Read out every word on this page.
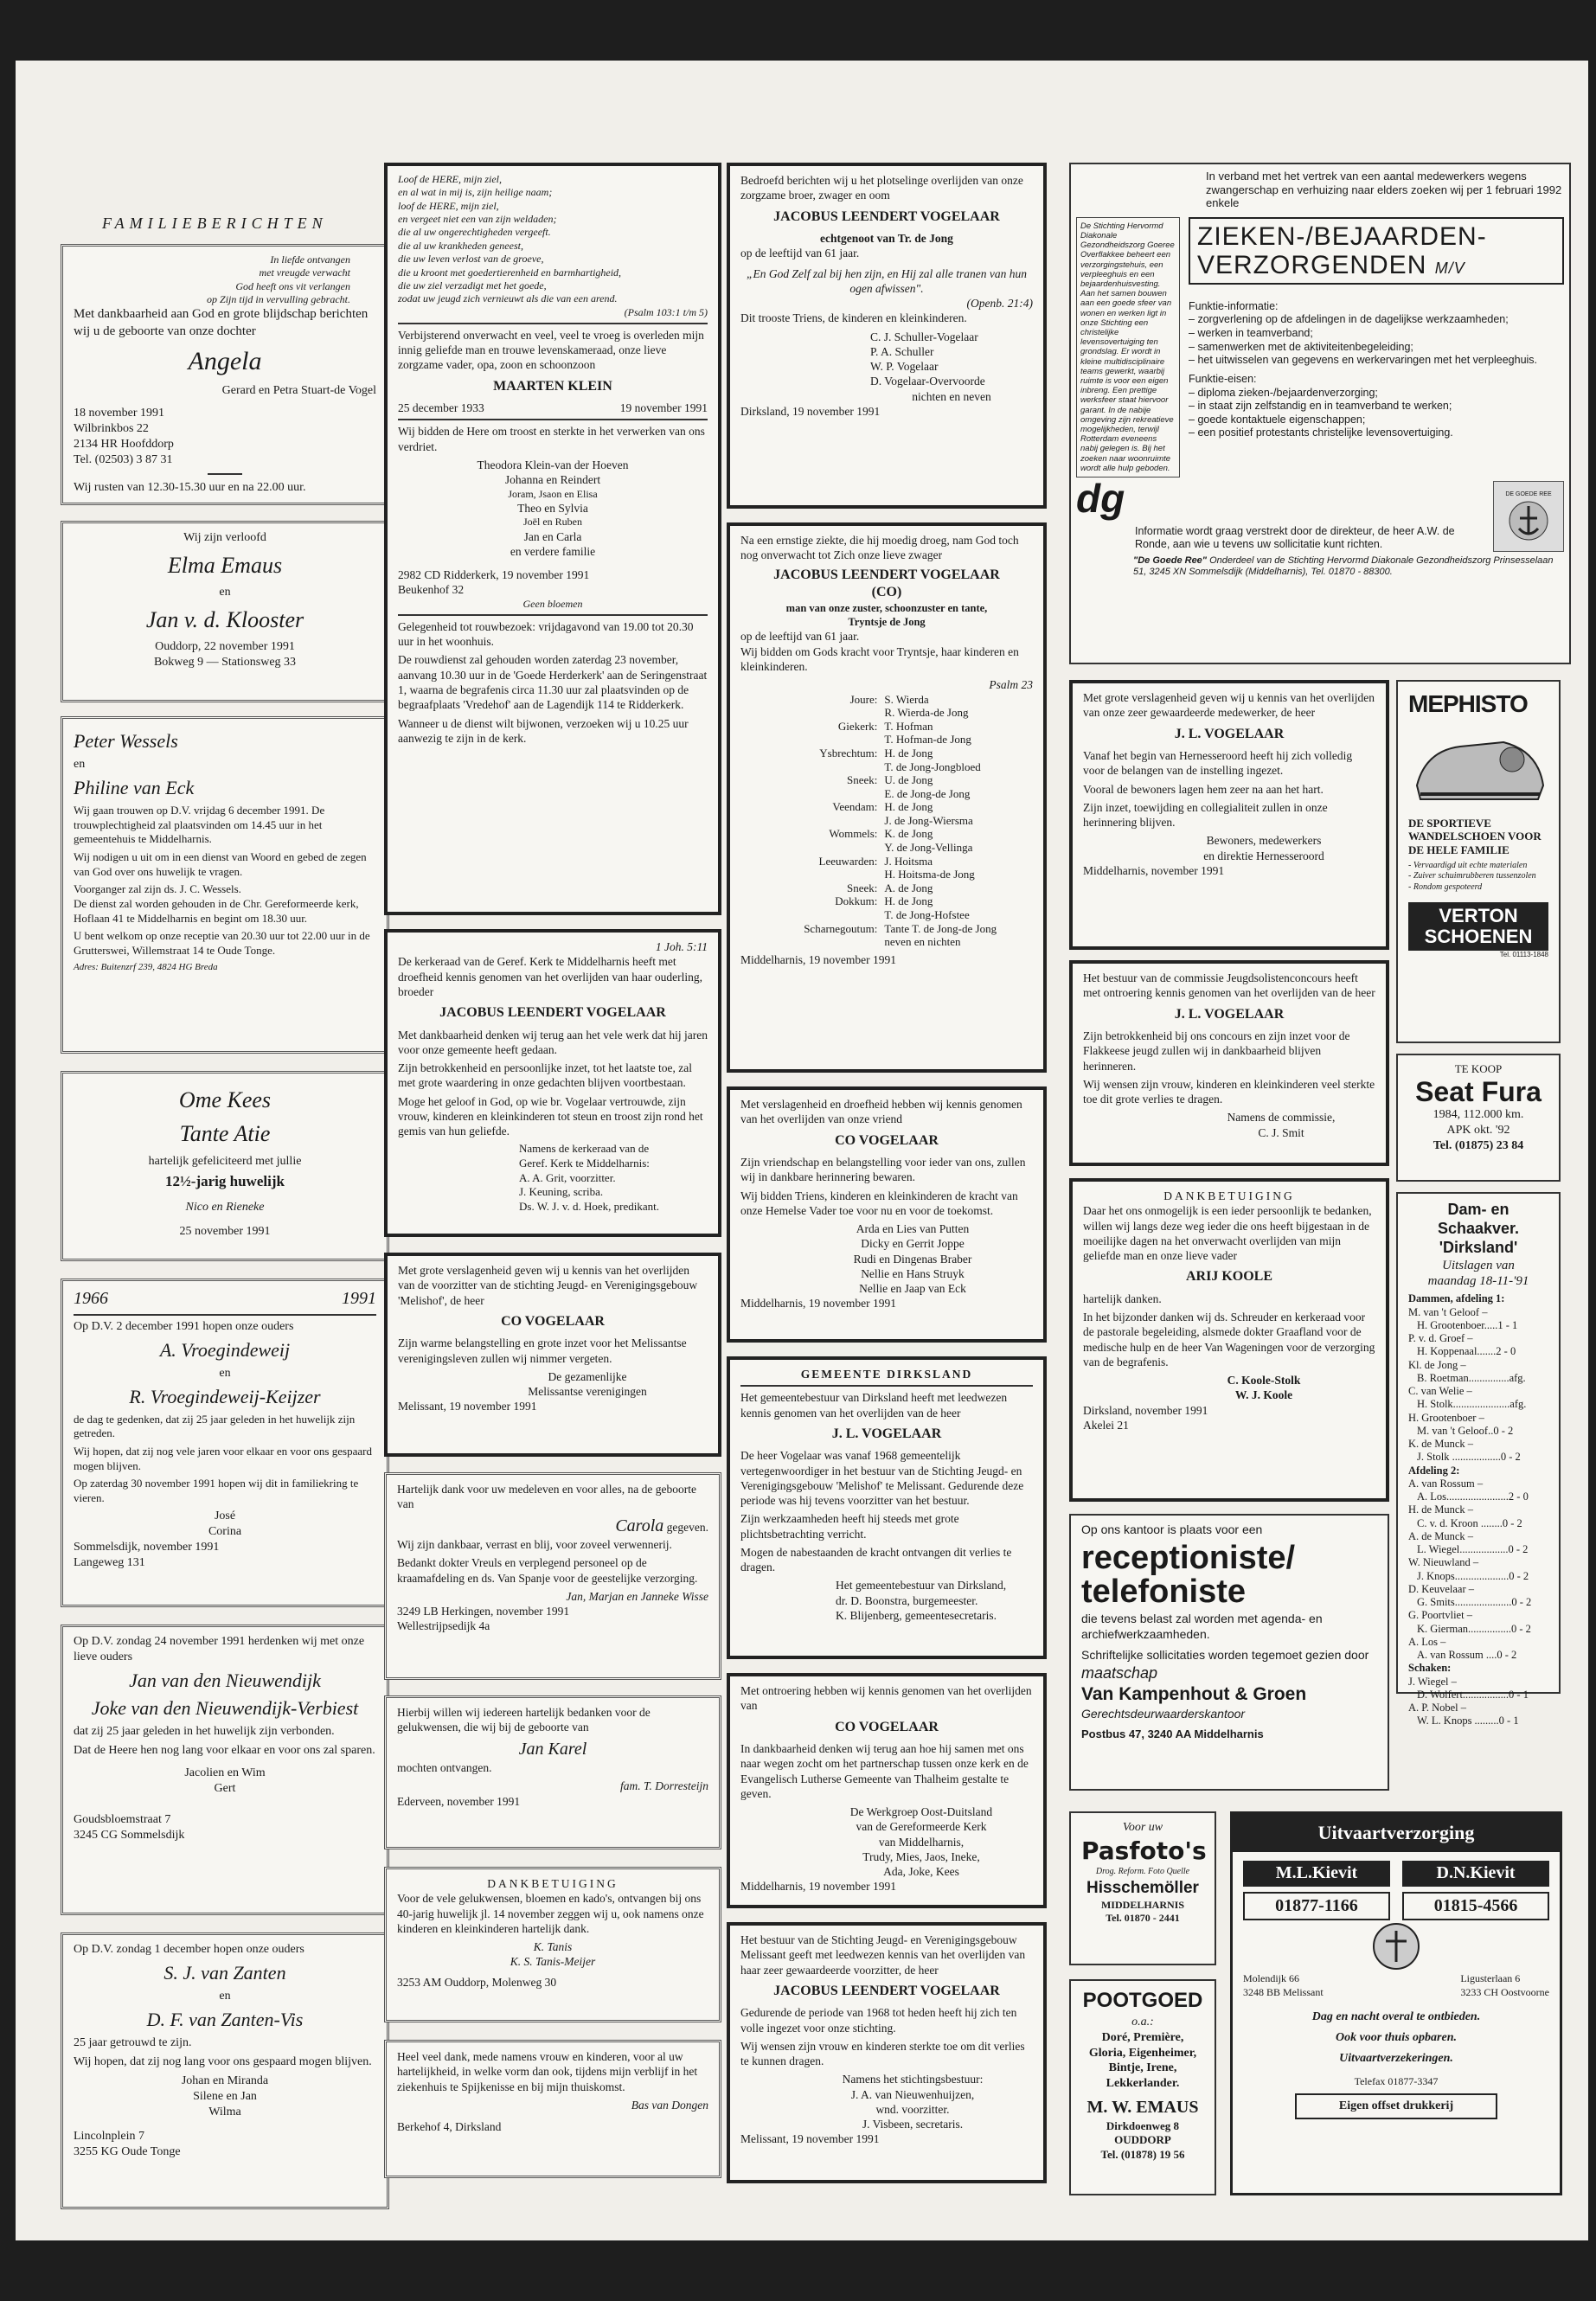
FAMILIEBERICHTEN
In liefde ontvangen
met vreugde verwacht
God heeft ons vit verlangen
op Zijn tijd in vervulling gebracht.
Met dankbaarheid aan God en grote blijdschap berichten wij u de geboorte van onze dochter
Angela
Gerard en Petra Stuart-de Vogel
18 november 1991
Wilbrinkbos 22
2134 HR Hoofddorp
Tel. (02503) 3 87 31
Wij rusten van 12.30-15.30 uur en na 22.00 uur.
Wij zijn verloofd
Elma Emaus
en
Jan v. d. Klooster
Ouddorp, 22 november 1991
Bokweg 9 — Stationsweg 33
Peter Wessels
en
Philine van Eck
Wij gaan trouwen op D.V. vrijdag 6 december 1991. De trouwplechtigheid zal plaatsvinden om 14.45 uur in het gemeentehuis te Middelharnis.
Wij nodigen u uit om in een dienst van Woord en gebed de zegen van God over ons huwelijk te vragen.
Voorganger zal zijn ds. J. C. Wessels.
De dienst zal worden gehouden in de Chr. Gereformeerde kerk, Hoflaan 41 te Middelharnis en begint om 18.30 uur.
U bent welkom op onze receptie van 20.30 uur tot 22.00 uur in de Grutterswei, Willemstraat 14 te Oude Tonge.
Adres: Buitenzrf 239, 4824 HG Breda
Ome Kees
Tante Atie
hartelijk gefeliciteerd met jullie
12½-jarig huwelijk
Nico en Rieneke
25 november 1991
1966	1991
Op D.V. 2 december 1991 hopen onze ouders
A. Vroegindeweij
en
R. Vroegindeweij-Keijzer
de dag te gedenken, dat zij 25 jaar geleden in het huwelijk zijn getreden.
Wij hopen, dat zij nog vele jaren voor elkaar en voor ons gespaard mogen blijven.
Op zaterdag 30 november 1991 hopen wij dit in familiekring te vieren.
José
Corina
Sommelsdijk, november 1991
Langeweg 131
Op D.V. zondag 24 november 1991 herdenken wij met onze lieve ouders
Jan van den Nieuwendijk
Joke van den Nieuwendijk-Verbiest
dat zij 25 jaar geleden in het huwelijk zijn verbonden.
Dat de Heere hen nog lang voor elkaar en voor ons zal sparen.
Jacolien en Wim
Gert
Goudsbloemstraat 7
3245 CG Sommelsdijk
Op D.V. zondag 1 december hopen onze ouders
S. J. van Zanten
en
D. F. van Zanten-Vis
25 jaar getrouwd te zijn.
Wij hopen, dat zij nog lang voor ons gespaard mogen blijven.
Johan en Miranda
Silene en Jan
Wilma
Lincolnplein 7
3255 KG Oude Tonge
Loof de HERE, mijn ziel,
en al wat in mij is, zijn heilige naam;
loof de HERE, mijn ziel,
en vergeet niet een van zijn weldaden;
die al uw ongerechtigheden vergeeft.
die al uw krankheden geneest,
die uw leven verlost van de groeve,
die u kroont met goedertierenheid en barmhartigheid,
die uw ziel verzadigt met het goede,
zodat uw jeugd zich vernieuwt als die van een arend.
(Psalm 103:1 t/m 5)
Verbijsterend onverwacht en veel, veel te vroeg is overleden mijn innig geliefde man en trouwe levenskameraad, onze lieve zorgzame vader, opa, zoon en schoonzoon
MAARTEN KLEIN
25 december 1933	19 november 1991
Wij bidden de Here om troost en sterkte in het verwerken van ons verdriet.
Theodora Klein-van der Hoeven
Johanna en Reindert
Joram, Jsaon en Elisa
Theo en Sylvia
Joël en Ruben
Jan en Carla
en verdere familie
2982 CD Ridderkerk, 19 november 1991
Beukenhof 32
Geen bloemen
Gelegenheid tot rouwbezoek: vrijdagavond van 19.00 tot 20.30 uur in het woonhuis.
De rouwdienst zal gehouden worden zaterdag 23 november, aanvang 10.30 uur in de 'Goede Herderkerk' aan de Seringenstraat 1, waarna de begrafenis circa 11.30 uur zal plaatsvinden op de begraafplaats 'Vredehof' aan de Lagendijk 114 te Ridderkerk.
Wanneer u de dienst wilt bijwonen, verzoeken wij u 10.25 uur aanwezig te zijn in de kerk.
1 Joh. 5:11
De kerkeraad van de Geref. Kerk te Middelharnis heeft met droefheid kennis genomen van het overlijden van haar ouderling, broeder
JACOBUS LEENDERT VOGELAAR
Met dankbaarheid denken wij terug aan het vele werk dat hij jaren voor onze gemeente heeft gedaan.
Zijn betrokkenheid en persoonlijke inzet, tot het laatste toe, zal met grote waardering in onze gedachten blijven voortbestaan.
Moge het geloof in God, op wie br. Vogelaar vertrouwde, zijn vrouw, kinderen en kleinkinderen tot steun en troost zijn rond het gemis van hun geliefde.
Namens de kerkeraad van de
Geref. Kerk te Middelharnis:
A. A. Grit, voorzitter.
J. Keuning, scriba.
Ds. W. J. v. d. Hoek, predikant.
Met grote verslagenheid geven wij u kennis van het overlijden van de voorzitter van de stichting Jeugd- en Verenigingsgebouw 'Melishof', de heer
CO VOGELAAR
Zijn warme belangstelling en grote inzet voor het Melissantse verenigingsleven zullen wij nimmer vergeten.
De gezamenlijke
Melissantse verenigingen
Melissant, 19 november 1991
Hartelijk dank voor uw medeleven en voor alles, na de geboorte van
Carola gegeven.
Wij zijn dankbaar, verrast en blij, voor zoveel verwennerij.
Bedankt dokter Vreuls en verplegend personeel op de kraamafdeling en ds. Van Spanje voor de geestelijke verzorging.
Jan, Marjan en Janneke Wisse
3249 LB Herkingen, november 1991
Wellestrijpsedijk 4a
Hierbij willen wij iedereen hartelijk bedanken voor de gelukwensen, die wij bij de geboorte van
Jan Karel
mochten ontvangen.
fam. T. Dorresteijn
Ederveen, november 1991
DANKBETUIGING
Voor de vele gelukwensen, bloemen en kado's, ontvangen bij ons 40-jarig huwelijk jl. 14 november zeggen wij u, ook namens onze kinderen en kleinkinderen hartelijk dank.
K. Tanis
K. S. Tanis-Meijer
3253 AM Ouddorp, Molenweg 30
Heel veel dank, mede namens vrouw en kinderen, voor al uw hartelijkheid, in welke vorm dan ook, tijdens mijn verblijf in het ziekenhuis te Spijkenisse en bij mijn thuiskomst.
Bas van Dongen
Berkehof 4, Dirksland
Bedroefd berichten wij u het plotselinge overlijden van onze zorgzame broer, zwager en oom
JACOBUS LEENDERT VOGELAAR
echtgenoot van Tr. de Jong
op de leeftijd van 61 jaar.
„En God Zelf zal bij hen zijn, en Hij zal alle tranen van hun ogen afwissen".
(Openb. 21:4)
Dit trooste Triens, de kinderen en kleinkinderen.
C. J. Schuller-Vogelaar
P. A. Schuller
W. P. Vogelaar
D. Vogelaar-Overvoorde
nichten en neven
Dirksland, 19 november 1991
Na een ernstige ziekte, die hij moedig droeg, nam God toch nog onverwacht tot Zich onze lieve zwager
JACOBUS LEENDERT VOGELAAR
(CO)
man van onze zuster, schoonzuster en tante,
Tryntsje de Jong
op de leeftijd van 61 jaar.
Wij bidden om Gods kracht voor Tryntsje, haar kinderen en kleinkinderen.
Psalm 23
Joure: S. Wierda
R. Wierda-de Jong
Giekerk: T. Hofman
T. Hofman-de Jong
Ysbrechtum: H. de Jong
T. de Jong-Jongbloed
Sneek: U. de Jong
E. de Jong-de Jong
Veendam: H. de Jong
J. de Jong-Wiersma
Wommels: K. de Jong
Y. de Jong-Vellinga
Leeuwarden: J. Hoitsma
H. Hoitsma-de Jong
Sneek: A. de Jong
Dokkum: H. de Jong
T. de Jong-Hofstee
Scharnegoutum: Tante T. de Jong-de Jong
neven en nichten
Middelharnis, 19 november 1991
Met verslagenheid en droefheid hebben wij kennis genomen van het overlijden van onze vriend
CO VOGELAAR
Zijn vriendschap en belangstelling voor ieder van ons, zullen wij in dankbare herinnering bewaren.
Wij bidden Triens, kinderen en kleinkinderen de kracht van onze Hemelse Vader toe voor nu en voor de toekomst.
Arda en Lies van Putten
Dicky en Gerrit Joppe
Rudi en Dingenas Braber
Nellie en Hans Struyk
Nellie en Jaap van Eck
Middelharnis, 19 november 1991
GEMEENTE DIRKSLAND
Het gemeentebestuur van Dirksland heeft met leedwezen kennis genomen van het overlijden van de heer
J. L. VOGELAAR
De heer Vogelaar was vanaf 1968 gemeentelijk vertegenwoordiger in het bestuur van de Stichting Jeugd- en Verenigingsgebouw 'Melishof' te Melissant. Gedurende deze periode was hij tevens voorzitter van het bestuur.
Zijn werkzaamheden heeft hij steeds met grote plichtsbetrachting verricht.
Mogen de nabestaanden de kracht ontvangen dit verlies te dragen.
Het gemeentebestuur van Dirksland,
dr. D. Boonstra, burgemeester.
K. Blijenberg, gemeentesecretaris.
Met ontroering hebben wij kennis genomen van het overlijden van
CO VOGELAAR
In dankbaarheid denken wij terug aan hoe hij samen met ons naar wegen zocht om het partnerschap tussen onze kerk en de Evangelisch Lutherse Gemeente van Thalheim gestalte te geven.
De Werkgroep Oost-Duitsland
van de Gereformeerde Kerk
van Middelharnis,
Trudy, Mies, Jaos, Ineke,
Ada, Joke, Kees
Middelharnis, 19 november 1991
Het bestuur van de Stichting Jeugd- en Verenigingsgebouw Melissant geeft met leedwezen kennis van het overlijden van haar zeer gewaardeerde voorzitter, de heer
JACOBUS LEENDERT VOGELAAR
Gedurende de periode van 1968 tot heden heeft hij zich ten volle ingezet voor onze stichting.
Wij wensen zijn vrouw en kinderen sterkte toe om dit verlies te kunnen dragen.
Namens het stichtingsbestuur:
J. A. van Nieuwenhuijzen,
wnd. voorzitter.
J. Visbeen, secretaris.
Melissant, 19 november 1991
In verband met het vertrek van een aantal medewerkers wegens zwangerschap en verhuizing naar elders zoeken wij per 1 februari 1992 enkele
De Stichting Hervormd Diakonale Gezondheidszorg Goeree Overflakkee beheert een verzorgingstehuis, een verpleeghuis en een bejaardenhuisvesting. Aan het samen bouwen aan een goede sfeer van wonen en werken ligt in onze Stichting een christelijke levensovertuiging ten grondslag. Er wordt in kleine multidisciplinaire teams gewerkt, waarbij ruimte is voor een eigen inbreng. Een prettige werksfeer staat hiervoor garant. In de nabije omgeving zijn rekreatieve mogelijkheden, terwijl Rotterdam eveneens nabij gelegen is. Bij het zoeken naar woonruimte wordt alle hulp geboden.
ZIEKEN-/BEJAARDEN-VERZORGENDEN M/V
Funktie-informatie:
– zorgverlening op de afdelingen in de dagelijkse werkzaamheden;
– werken in teamverband;
– samenwerken met de aktiviteitenbegeleiding;
– het uitwisselen van gegevens en werkervaringen met het verpleeghuis.
Funktie-eisen:
– diploma zieken-/bejaardenverzorging;
– in staat zijn zelfstandig en in teamverband te werken;
– goede kontaktuele eigenschappen;
– een positief protestants christelijke levensovertuiging.
dg
Informatie wordt graag verstrekt door de direkteur, de heer A.W. de Ronde, aan wie u tevens uw sollicitatie kunt richten.
DE GOEDE REE
"De Goede Ree" Onderdeel van de Stichting Hervormd Diakonale Gezondheidszorg Prinsesselaan 51, 3245 XN Sommelsdijk (Middelharnis), Tel. 01870 - 88300.
Met grote verslagenheid geven wij u kennis van het overlijden van onze zeer gewaardeerde medewerker, de heer
J. L. VOGELAAR
Vanaf het begin van Hernesseroord heeft hij zich volledig voor de belangen van de instelling ingezet.
Vooral de bewoners lagen hem zeer na aan het hart.
Zijn inzet, toewijding en collegialiteit zullen in onze herinnering blijven.
Bewoners, medewerkers
en direktie Hernesseroord
Middelharnis, november 1991
Het bestuur van de commissie Jeugdsolistenconcours heeft met ontroering kennis genomen van het overlijden van de heer
J. L. VOGELAAR
Zijn betrokkenheid bij ons concours en zijn inzet voor de Flakkeese jeugd zullen wij in dankbaarheid blijven herinneren.
Wij wensen zijn vrouw, kinderen en kleinkinderen veel sterkte toe dit grote verlies te dragen.
Namens de commissie,
C. J. Smit
DANKBETUIGING
Daar het ons onmogelijk is een ieder persoonlijk te bedanken, willen wij langs deze weg ieder die ons heeft bijgestaan in de moeilijke dagen na het onverwacht overlijden van mijn geliefde man en onze lieve vader
ARIJ KOOLE
hartelijk danken.
In het bijzonder danken wij ds. Schreuder en kerkeraad voor de pastorale begeleiding, alsmede dokter Graafland voor de medische hulp en de heer Van Wageningen voor de verzorging van de begrafenis.
C. Koole-Stolk
W. J. Koole
Dirksland, november 1991
Akelei 21
Op ons kantoor is plaats voor een
receptioniste/ telefoniste
die tevens belast zal worden met agenda- en archiefwerkzaamheden.
Schriftelijke sollicitaties worden tegemoet gezien door
maatschap
Van Kampenhout & Groen
Gerechtsdeurwaarderskantoor
Postbus 47, 3240 AA Middelharnis
Voor uw
Pasfoto's
Drog. Reform. Foto Quelle
Hisschemöller
MIDDELHARNIS
Tel. 01870 - 2441
POOTGOED
o.a.:
Doré, Première,
Gloria, Eigenheimer,
Bintje, Irene,
Lekkerlander.
M. W. EMAUS
Dirkdoenweg 8
OUDDORP
Tel. (01878) 19 56
MEPHISTO
DE SPORTIEVE
WANDELSCHOEN VOOR
DE HELE FAMILIE
- Vervaardigd uit echte materialen
- Zuiver schuimrubberen tussenzolen
- Rondom gespoteerd
VERTON SCHOENEN
Tel. 01113-1848
TE KOOP
Seat Fura
1984, 112.000 km.
APK okt. '92
Tel. (01875) 23 84
Dam- en Schaakver.
'Dirksland'
Uitslagen van
maandag 18-11-'91
Dammen, afdeling 1:
M. van 't Geloof –
H. Grootenboer.....1 - 1
P. v. d. Groef –
H. Koppenaal.......2 - 0
Kl. de Jong –
B. Roetman...............afg.
C. van Welie –
H. Stolk.....................afg.
H. Grootenboer –
M. van 't Geloof..0 - 2
K. de Munck –
J. Stolk ..................0 - 2
Afdeling 2:
A. van Rossum –
A. Los.......................2 - 0
H. de Munck –
C. v. d. Kroon ........0 - 2
A. de Munck –
L. Wiegel..................0 - 2
W. Nieuwland –
J. Knops....................0 - 2
D. Keuvelaar –
G. Smits.....................0 - 2
G. Poortvliet –
K. Gierman................0 - 2
A. Los –
A. van Rossum ....0 - 2
Schaken:
J. Wiegel –
D. Wolfert.................0 - 1
A. P. Nobel –
W. L. Knops .........0 - 1
Uitvaartverzorging
M.L.Kievit
01877-1166
D.N.Kievit
01815-4566
Molendijk 66
3248 BB Melissant
Ligusterlaan 6
3233 CH Oostvoorne
Dag en nacht overal te ontbieden.
Ook voor thuis opbaren.
Uitvaartverzekeringen.
Telefax 01877-3347
Eigen offset drukkerij
